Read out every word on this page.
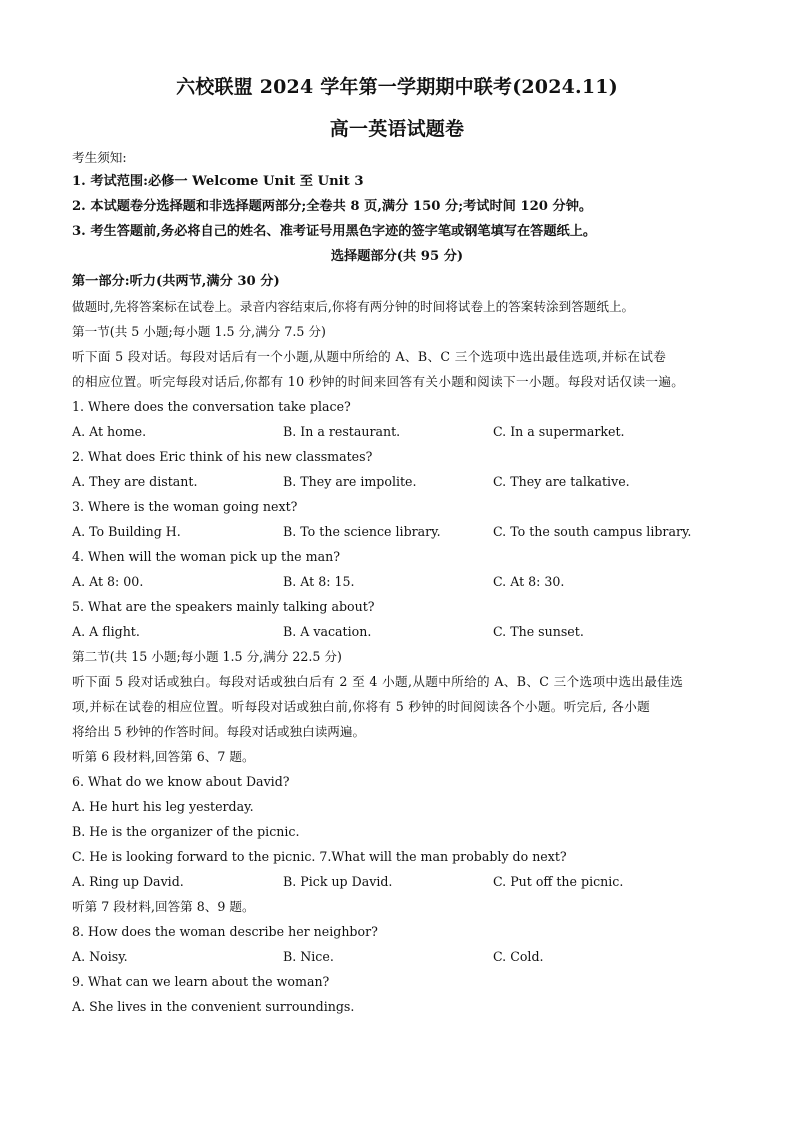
六校联盟 2024 学年第一学期期中联考(2024.11)
高一英语试题卷
考生须知:
1. 考试范围:必修一 Welcome Unit 至 Unit 3
2. 本试题卷分选择题和非选择题两部分;全卷共 8 页,满分 150 分;考试时间 120 分钟。
3. 考生答题前,务必将自己的姓名、准考证号用黑色字迹的签字笔或钢笔填写在答题纸上。
选择题部分(共 95 分)
第一部分:听力(共两节,满分 30 分)
做题时,先将答案标在试卷上。录音内容结束后,你将有两分钟的时间将试卷上的答案转涂到答题纸上。
第一节(共 5 小题;每小题 1.5 分,满分 7.5 分)
听下面 5 段对话。每段对话后有一个小题,从题中所给的 A、B、C 三个选项中选出最佳选项,并标在试卷
的相应位置。听完每段对话后,你都有 10 秒钟的时间来回答有关小题和阅读下一小题。每段对话仅读一遍。
1. Where does the conversation take place?
A. At home.	B. In a restaurant.	C. In a supermarket.
2. What does Eric think of his new classmates?
A. They are distant.	B. They are impolite.	C. They are talkative.
3. Where is the woman going next?
A. To Building H.	B. To the science library.	C. To the south campus library.
4. When will the woman pick up the man?
A. At 8: 00.	B. At 8: 15.	C. At 8: 30.
5. What are the speakers mainly talking about?
A. A flight.	B. A vacation.	C. The sunset.
第二节(共 15 小题;每小题 1.5 分,满分 22.5 分)
听下面 5 段对话或独白。每段对话或独白后有 2 至 4 小题,从题中所给的 A、B、C 三个选项中选出最佳选
项,并标在试卷的相应位置。听每段对话或独白前,你将有 5 秒钟的时间阅读各个小题。听完后, 各小题
将给出 5 秒钟的作答时间。每段对话或独白读两遍。
听第 6 段材料,回答第 6、7 题。
6. What do we know about David?
A. He hurt his leg yesterday.
B. He is the organizer of the picnic.
C. He is looking forward to the picnic. 7.What will the man probably do next?
A. Ring up David.	B. Pick up David.	C. Put off the picnic.
听第 7 段材料,回答第 8、9 题。
8. How does the woman describe her neighbor?
A. Noisy.	B. Nice.	C. Cold.
9. What can we learn about the woman?
A. She lives in the convenient surroundings.
